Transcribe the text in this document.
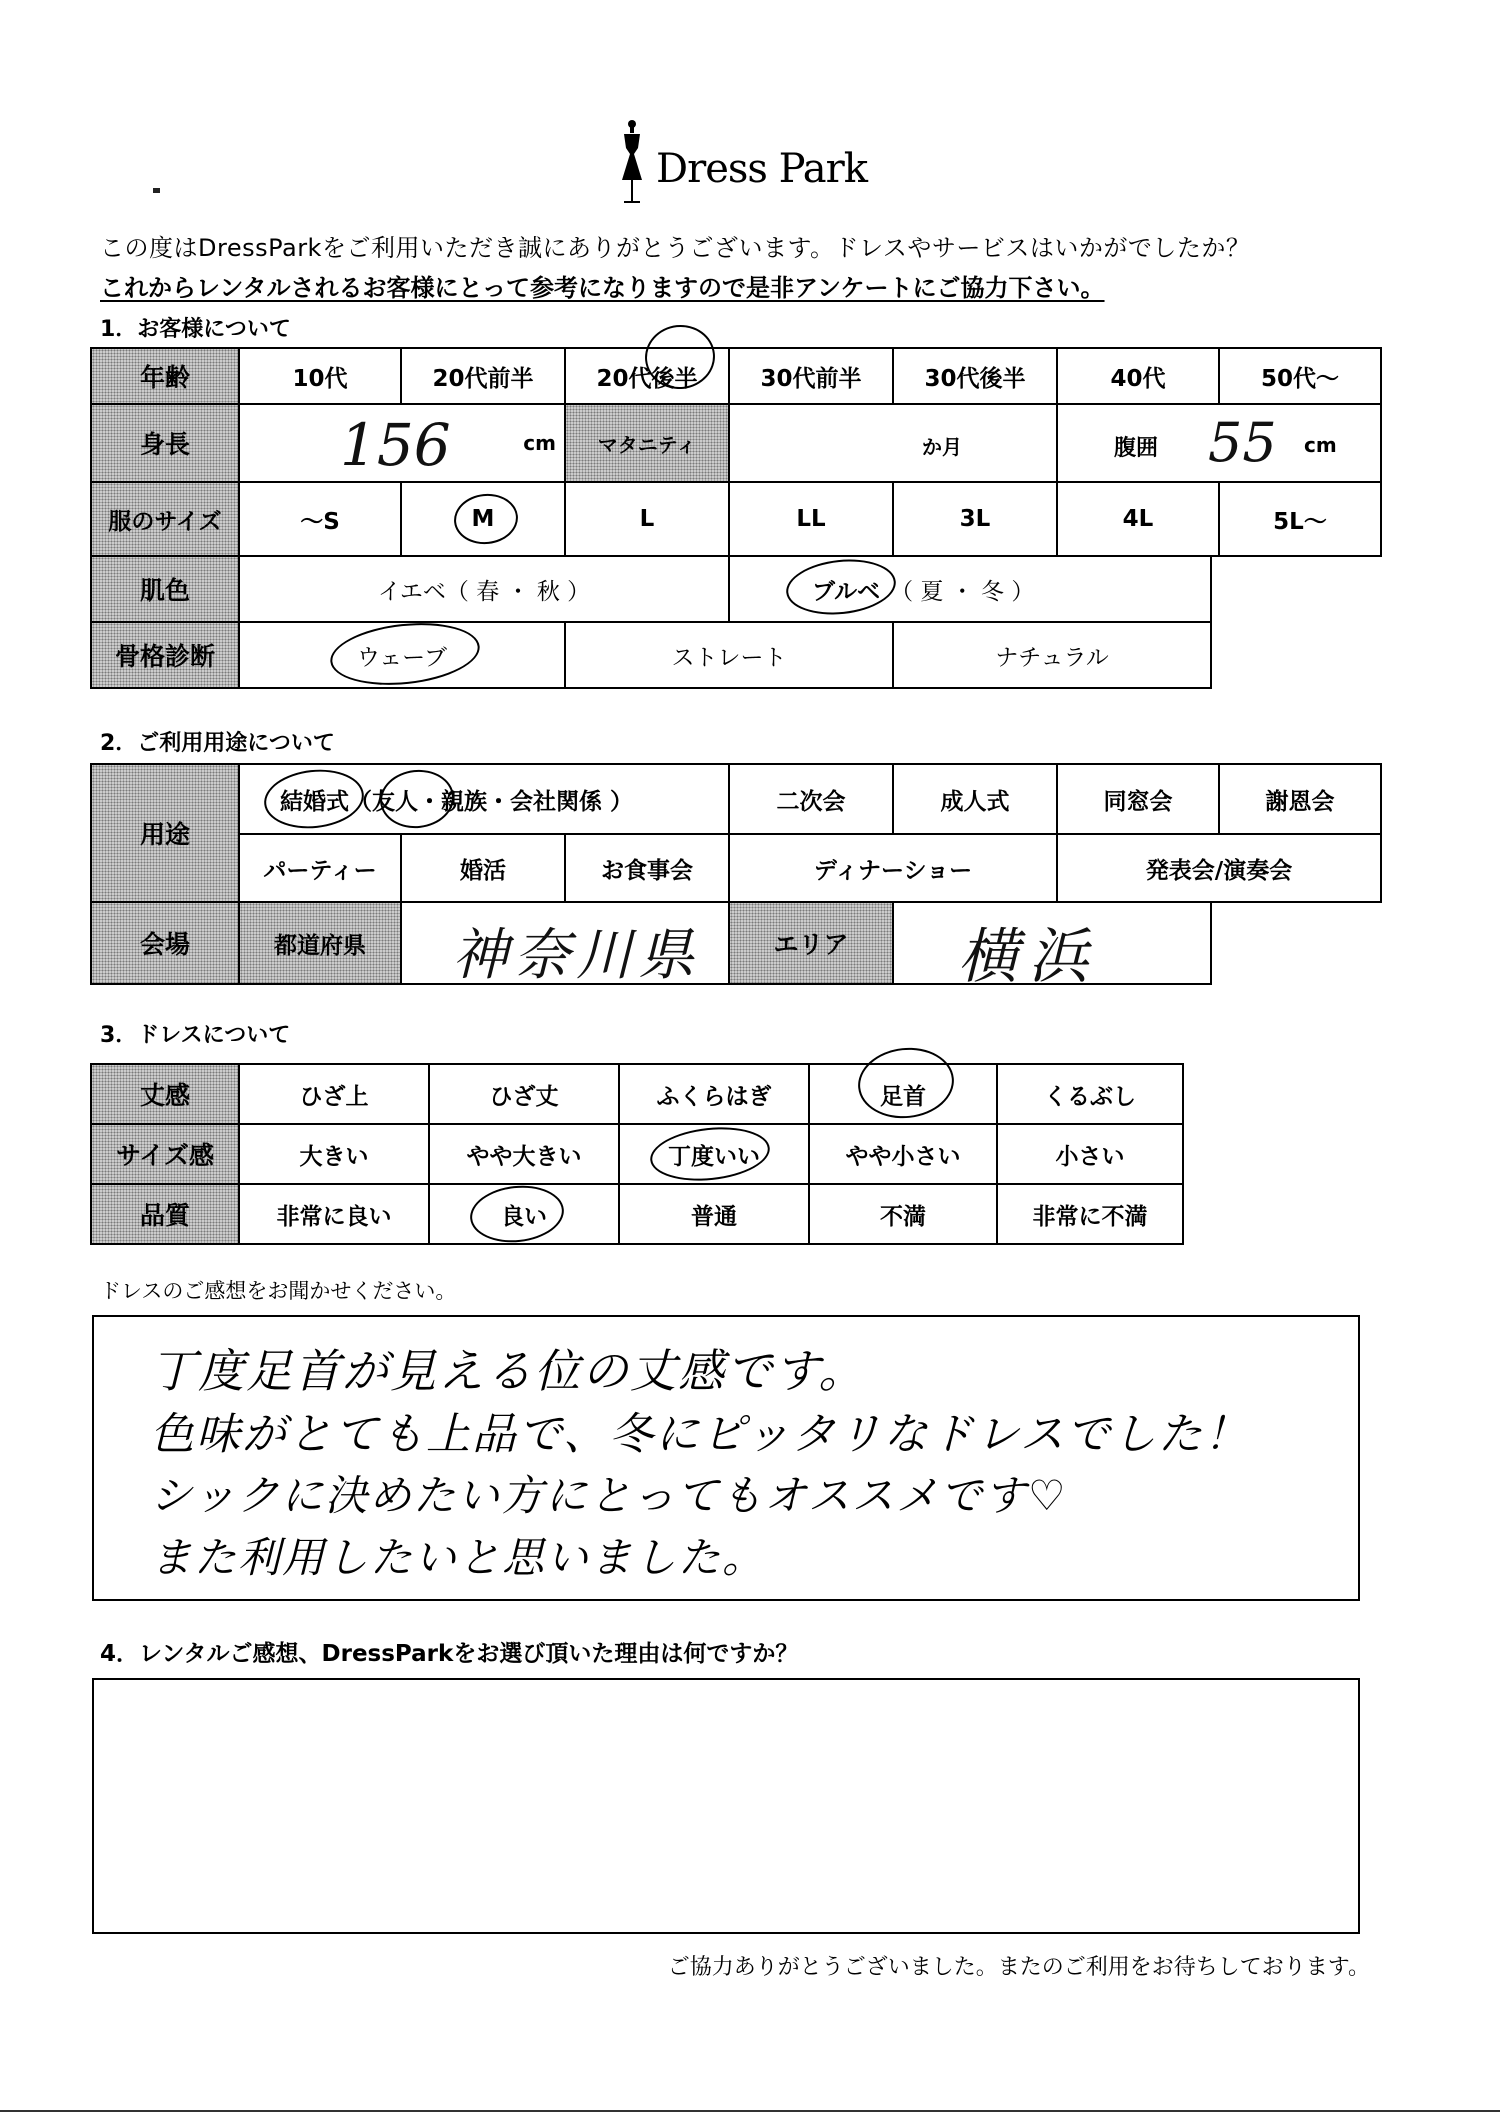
Dress Park
この度はDressParkをご利用いただき誠にありがとうございます。ドレスやサービスはいかがでしたか？
これからレンタルされるお客様にとって参考になりますので是非アンケートにご協力下さい。
1．お客様について
年齢	10代	20代前半	20代後半	30代前半	30代後半	40代	50代～
身長	156	cm	マタニティ	か月	腹囲 55 cm
服のサイズ	～S	M	L	LL	3L	4L	5L～
肌色	イエベ（ 春 ・ 秋 ）	ブルベ （ 夏 ・ 冬 ）
骨格診断	ウェーブ	ストレート	ナチュラル
2．ご利用用途について
用途
結婚式 （ 友人 ・親族・会社関係 ）	二次会	成人式	同窓会	謝恩会
パーティー	婚活	お食事会	ディナーショー	発表会/演奏会
会場	都道府県	神奈川県	エリア	横浜
3．ドレスについて
丈感	ひざ上	ひざ丈	ふくらはぎ	足首	くるぶし
サイズ感	大きい	やや大きい	丁度いい	やや小さい	小さい
品質	非常に良い	良い	普通	不満	非常に不満
ドレスのご感想をお聞かせください。
丁度足首が見える位の丈感です。
色味がとても上品で、冬にピッタリなドレスでした！
シックに決めたい方にとってもオススメです♡
また利用したいと思いました。
4．レンタルご感想、DressParkをお選び頂いた理由は何ですか？
ご協力ありがとうございました。またのご利用をお待ちしております。
